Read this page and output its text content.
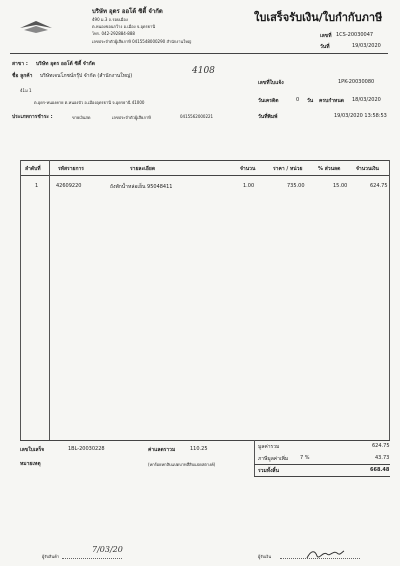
บริษัท อุดร ออโต้ ซิตี้ จำกัด
490 ม.3 ถ.รอบเมือง
ต.หนองขอนกว้าง อ.เมือง จ.อุดรธานี
โทร. 042-292884-888
เลขประจำตัวผู้เสียภาษี 0415548000290 สำนักงานใหญ่
ใบเสร็จรับเงิน/ใบกำกับภาษี
เลขที่ 1CS-20030047
วันที่	19/03/2020
สาขา : บริษัท อุดร ออโต้ ซิตี้ จำกัด
ชื่อ ลูกค้า บริษัทเจนโภชน์กรุ๊ป จำกัด (สำนักงานใหญ่)	4108
เลขที่ใบแจ้ง	1PK-20030080
41ม 1
ต.อุดร-หนองคาย ต.หนองบัว อ.เมืองอุดรธานี จ.อุดรธานี 41000	วันเครดิต	0 วัน ครบกำหนด 18/03/2020
ประเภทการชำระ :	ขายเงินสด	เลขประจำตัวผู้เสียภาษี	0415562000221	วันที่พิมพ์	19/03/2020 13:58:53
ลำดับที่	รหัสรายการ	รายละเอียด	จำนวน	ราคา / หน่วย	% ส่วนลด	จำนวนเงิน
1	42609220	ถังพักน้ำหล่อเย็น 95048411	1.00	735.00	15.00	624.75
เลขใบเสร็จ	1BL-20030228	ค่าแลดราวม	110.25
หมายเหตุ	(หกร้อยหกสิบแปดบาทสี่สิบแปดสตางค์)
มูลค่ารวม	624.75
ภาษีมูลค่าเพิ่ม 7 %	43.73
รวมทั้งสิ้น	668.48
ผู้รับสินค้า
7/03/20
ผู้รับเงิน
